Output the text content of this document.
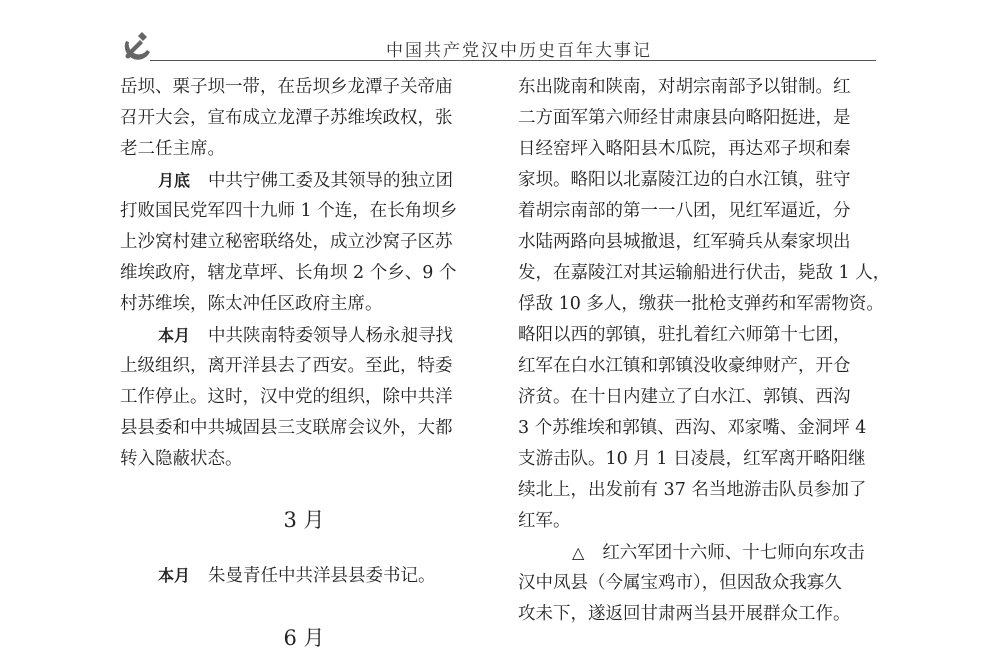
中国共产党汉中历史百年大事记
岳坝、栗子坝一带，在岳坝乡龙潭子关帝庙
召开大会，宣布成立龙潭子苏维埃政权，张
老二任主席。
月底 中共宁佛工委及其领导的独立团
打败国民党军四十九师 1 个连，在长角坝乡
上沙窝村建立秘密联络处，成立沙窝子区苏
维埃政府，辖龙草坪、长角坝 2 个乡、9 个
村苏维埃，陈太冲任区政府主席。
本月 中共陕南特委领导人杨永昶寻找
上级组织，离开洋县去了西安。至此，特委
工作停止。这时，汉中党的组织，除中共洋
县县委和中共城固县三支联席会议外，大都
转入隐蔽状态。
3 月
本月 朱曼青任中共洋县县委书记。
6 月
东出陇南和陕南，对胡宗南部予以钳制。红
二方面军第六师经甘肃康县向略阳挺进，是
日经窑坪入略阳县木瓜院，再达邓子坝和秦
家坝。略阳以北嘉陵江边的白水江镇，驻守
着胡宗南部的第一一八团，见红军逼近，分
水陆两路向县城撤退，红军骑兵从秦家坝出
发，在嘉陵江对其运输船进行伏击，毙敌 1 人，
俘敌 10 多人，缴获一批枪支弹药和军需物资。
略阳以西的郭镇，驻扎着红六师第十七团，
红军在白水江镇和郭镇没收豪绅财产，开仓
济贫。在十日内建立了白水江、郭镇、西沟
3 个苏维埃和郭镇、西沟、邓家嘴、金洞坪 4
支游击队。10 月 1 日凌晨，红军离开略阳继
续北上，出发前有 37 名当地游击队员参加了
红军。
△ 红六军团十六师、十七师向东攻击
汉中凤县（今属宝鸡市），但因敌众我寡久
攻未下，遂返回甘肃两当县开展群众工作。
